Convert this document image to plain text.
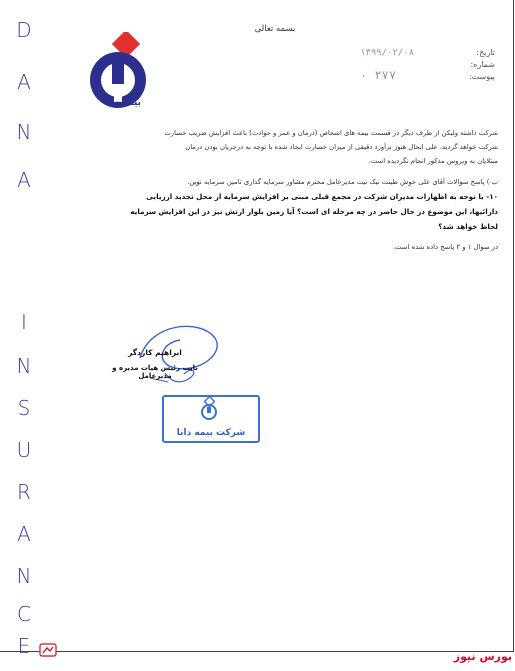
D
A
N
A
I
N
S
U
R
A
N
C
E
بسمه تعالی
بیمه دانا
تاریخ:
۱۳۹۹/۰۲/۰۸
شماره:
پیوست:
۰ ۲۷۷

شرکت داشته ولیکن از طرف دیگر در قسمت بیمه های اشخاص (درمان و عمر و حوادث) باعث افزایش ضریب خسارت

شرکت خواهد گردید، علی ایحال هنوز برآورد دقیقی از میزان خسارت ایجاد شده با توجه به درجریان بودن درمان

مبتلایان به ویروس مذکور انجام نگردیده است.

ب ) پاسخ سوالات آقای علی خوش طینت نیک نیت مدیرعامل محترم مشاور سرمایه گذاری تامین سرمایه نوین.

۱۰- با توجه به اظهارات مدیران شرکت در مجمع قبلی مبنی بر افزایش سرمایه از محل تجدید ارزیابی

دارائیها، این موضوع در حال حاضر در چه مرحله ای است؟ آیا زمین بلوار ارتش نیز در این افزایش سرمایه

لحاظ خواهد شد؟

در سوال ۱ و ۳ پاسخ داده شده است.

ابراهیم کاردگر
نایب رئیس هیات مدیره و مدیرعامل
شرکت بیمه دانا
بورس نیوز
